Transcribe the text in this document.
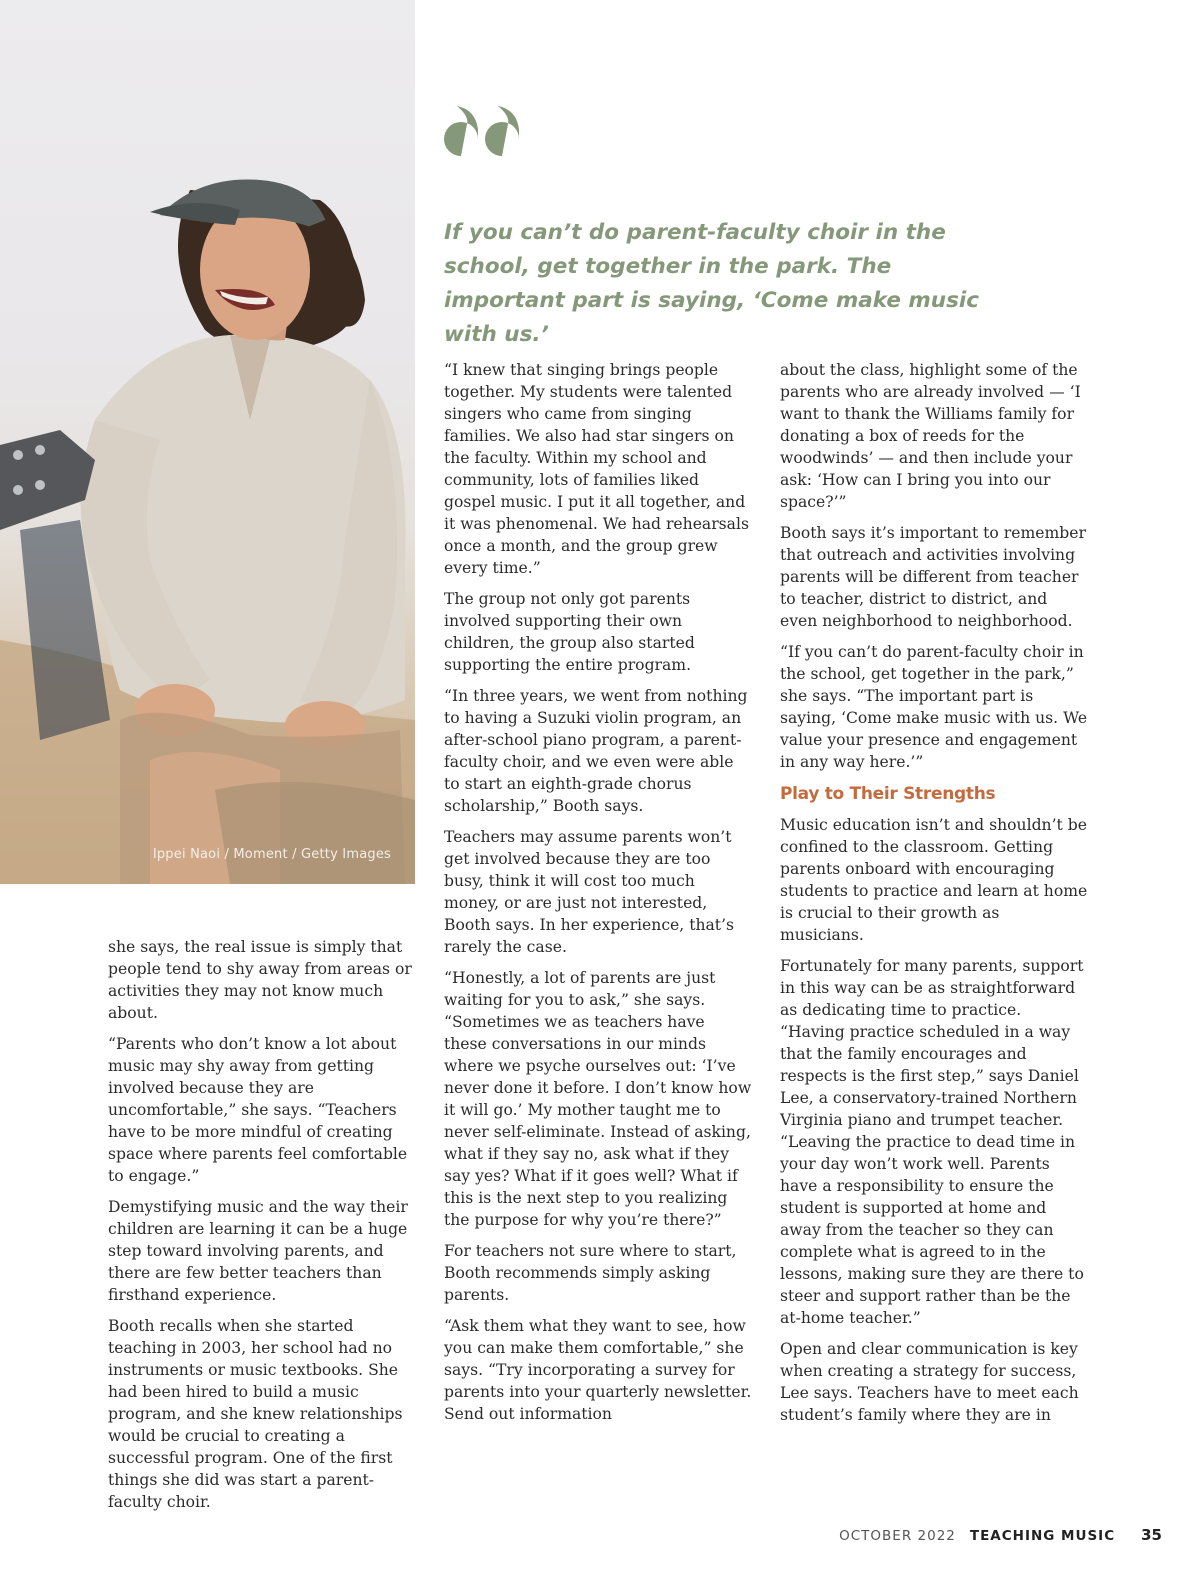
Ippei Naoi / Moment / Getty Images

If you can’t do parent-faculty choir in the school, get together in the park. The important part is saying, ‘Come make music with us.’

she says, the real issue is simply that people tend to shy away from areas or activities they may not know much about.

“Parents who don’t know a lot about music may shy away from getting involved because they are uncomfortable,” she says. “Teachers have to be more mindful of creating space where parents feel comfortable to engage.”

Demystifying music and the way their children are learning it can be a huge step toward involving parents, and there are few better teachers than firsthand experience.

Booth recalls when she started teaching in 2003, her school had no instruments or music textbooks. She had been hired to build a music program, and she knew relationships would be crucial to creating a successful program. One of the first things she did was start a parent-faculty choir.

“I knew that singing brings people together. My students were talented singers who came from singing families. We also had star singers on the faculty. Within my school and community, lots of families liked gospel music. I put it all together, and it was phenomenal. We had rehearsals once a month, and the group grew every time.”

The group not only got parents involved supporting their own children, the group also started supporting the entire program.

“In three years, we went from nothing to having a Suzuki violin program, an after-school piano program, a parent-faculty choir, and we even were able to start an eighth-grade chorus scholarship,” Booth says.

Teachers may assume parents won’t get involved because they are too busy, think it will cost too much money, or are just not interested, Booth says. In her experience, that’s rarely the case.

“Honestly, a lot of parents are just waiting for you to ask,” she says. “Sometimes we as teachers have these conversations in our minds where we psyche ourselves out: ‘I’ve never done it before. I don’t know how it will go.’ My mother taught me to never self-eliminate. Instead of asking, what if they say no, ask what if they say yes? What if it goes well? What if this is the next step to you realizing the purpose for why you’re there?”

For teachers not sure where to start, Booth recommends simply asking parents.

“Ask them what they want to see, how you can make them comfortable,” she says. “Try incorporating a survey for parents into your quarterly newsletter. Send out information

about the class, highlight some of the parents who are already involved — ‘I want to thank the Williams family for donating a box of reeds for the woodwinds’ — and then include your ask: ‘How can I bring you into our space?’”

Booth says it’s important to remember that outreach and activities involving parents will be different from teacher to teacher, district to district, and even neighborhood to neighborhood.

“If you can’t do parent-faculty choir in the school, get together in the park,” she says. “The important part is saying, ‘Come make music with us. We value your presence and engagement in any way here.’”

Play to Their Strengths

Music education isn’t and shouldn’t be confined to the classroom. Getting parents onboard with encouraging students to practice and learn at home is crucial to their growth as musicians.

Fortunately for many parents, support in this way can be as straightforward as dedicating time to practice. “Having practice scheduled in a way that the family encourages and respects is the first step,” says Daniel Lee, a conservatory-trained Northern Virginia piano and trumpet teacher. “Leaving the practice to dead time in your day won’t work well. Parents have a responsibility to ensure the student is supported at home and away from the teacher so they can complete what is agreed to in the lessons, making sure they are there to steer and support rather than be the at-home teacher.”

Open and clear communication is key when creating a strategy for success, Lee says. Teachers have to meet each student’s family where they are in

OCTOBER 2022 TEACHING MUSIC 35
